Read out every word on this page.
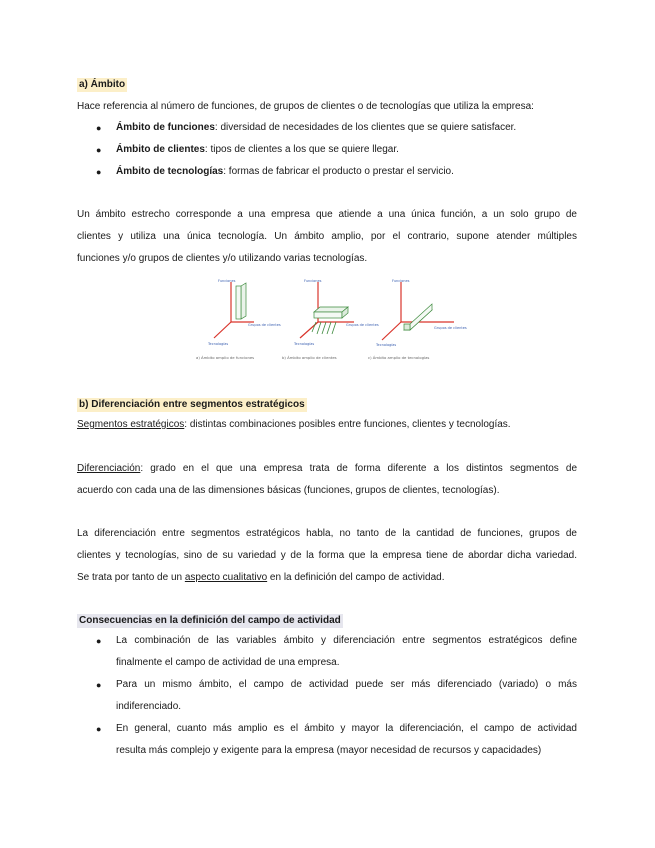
a) Ámbito

Hace referencia al número de funciones, de grupos de clientes o de tecnologías que utiliza la empresa:

● Ámbito de funciones: diversidad de necesidades de los clientes que se quiere satisfacer.
● Ámbito de clientes: tipos de clientes a los que se quiere llegar.
● Ámbito de tecnologías: formas de fabricar el producto o prestar el servicio.

Un ámbito estrecho corresponde a una empresa que atiende a una única función, a un solo grupo de

clientes y utiliza una única tecnología. Un ámbito amplio, por el contrario, supone atender múltiples

funciones y/o grupos de clientes y/o utilizando varias tecnologías.

Funciones
Grupos de clientes
Tecnologías
a) Ámbito amplio de funciones
Funciones
Grupos de clientes
Tecnologías
b) Ámbito amplio de clientes
Funciones
Grupos de clientes
Tecnologías
c) Ámbito amplio de tecnologías
b) Diferenciación entre segmentos estratégicos

Segmentos estratégicos: distintas combinaciones posibles entre funciones, clientes y tecnologías.

Diferenciación: grado en el que una empresa trata de forma diferente a los distintos segmentos de

acuerdo con cada una de las dimensiones básicas (funciones, grupos de clientes, tecnologías).

La diferenciación entre segmentos estratégicos habla, no tanto de la cantidad de funciones, grupos de

clientes y tecnologías, sino de su variedad y de la forma que la empresa tiene de abordar dicha variedad.

Se trata por tanto de un aspecto cualitativo en la definición del campo de actividad.

Consecuencias en la definición del campo de actividad
● La combinación de las variables ámbito y diferenciación entre segmentos estratégicos define
finalmente el campo de actividad de una empresa.
● Para un mismo ámbito, el campo de actividad puede ser más diferenciado (variado) o más
indiferenciado.
● En general, cuanto más amplio es el ámbito y mayor la diferenciación, el campo de actividad
resulta más complejo y exigente para la empresa (mayor necesidad de recursos y capacidades)
